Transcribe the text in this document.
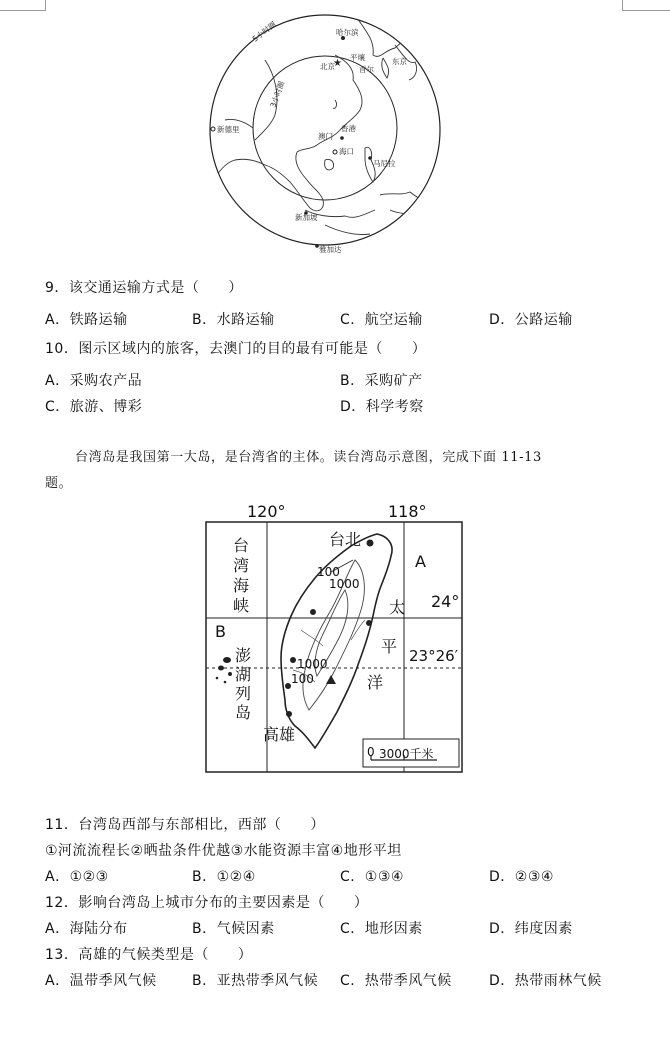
★
5小时圈
3小时圈
哈尔滨
北京
平壤
首尔
东京
新德里	香港
澳门
海口
马尼拉
新加坡
雅加达
9．该交通运输方式是（　　）
A．铁路运输	B．水路运输	C．航空运输	D．公路运输
10．图示区域内的旅客，去澳门的目的最有可能是（　　）
A．采购农产品	B．采购矿产
C．旅游、博彩	D．科学考察
台湾岛是我国第一大岛，是台湾省的主体。读台湾岛示意图，完成下面 11-13
题。
120°	118°
24°
23°26′
A
B
台
湾
海
峡
澎
湖
列
岛
太
平
洋
台北
高雄
100
1000
1000
100
0 3000千米
11．台湾岛西部与东部相比，西部（　　）
①河流流程长②晒盐条件优越③水能资源丰富④地形平坦
A．①②③	B．①②④	C．①③④	D．②③④
12．影响台湾岛上城市分布的主要因素是（　　）
A．海陆分布	B．气候因素	C．地形因素	D．纬度因素
13．高雄的气候类型是（　　）
A．温带季风气候	B．亚热带季风气候 C．热带季风气候	D．热带雨林气候
